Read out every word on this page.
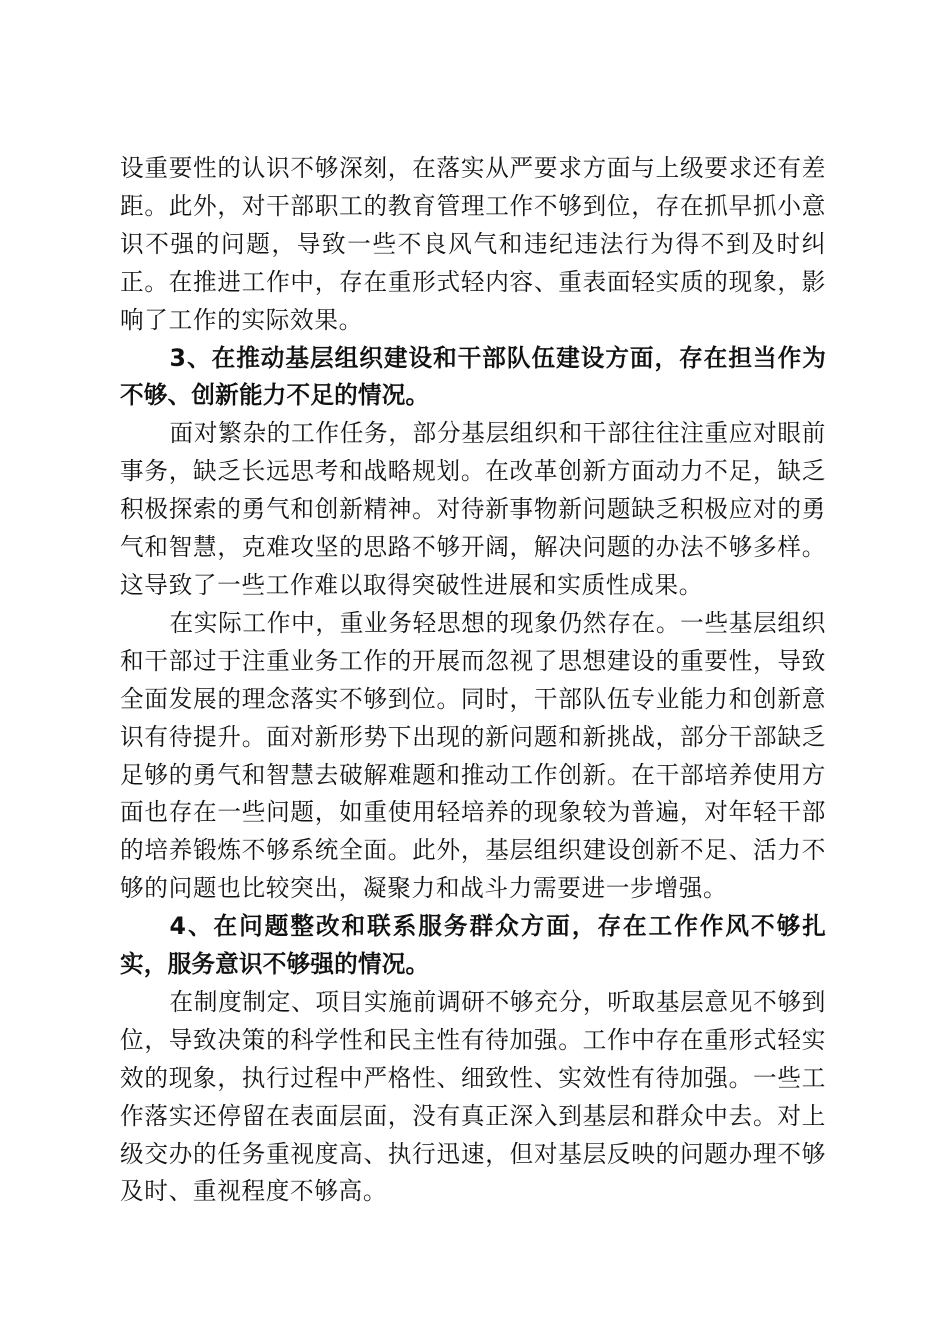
设重要性的认识不够深刻，在落实从严要求方面与上级要求还有差距。此外，对干部职工的教育管理工作不够到位，存在抓早抓小意识不强的问题，导致一些不良风气和违纪违法行为得不到及时纠正。在推进工作中，存在重形式轻内容、重表面轻实质的现象，影响了工作的实际效果。

3、在推动基层组织建设和干部队伍建设方面，存在担当作为不够、创新能力不足的情况。

面对繁杂的工作任务，部分基层组织和干部往往注重应对眼前事务，缺乏长远思考和战略规划。在改革创新方面动力不足，缺乏积极探索的勇气和创新精神。对待新事物新问题缺乏积极应对的勇气和智慧，克难攻坚的思路不够开阔，解决问题的办法不够多样。这导致了一些工作难以取得突破性进展和实质性成果。

在实际工作中，重业务轻思想的现象仍然存在。一些基层组织和干部过于注重业务工作的开展而忽视了思想建设的重要性，导致全面发展的理念落实不够到位。同时，干部队伍专业能力和创新意识有待提升。面对新形势下出现的新问题和新挑战，部分干部缺乏足够的勇气和智慧去破解难题和推动工作创新。在干部培养使用方面也存在一些问题，如重使用轻培养的现象较为普遍，对年轻干部的培养锻炼不够系统全面。此外，基层组织建设创新不足、活力不够的问题也比较突出，凝聚力和战斗力需要进一步增强。

4、在问题整改和联系服务群众方面，存在工作作风不够扎实，服务意识不够强的情况。

在制度制定、项目实施前调研不够充分，听取基层意见不够到位，导致决策的科学性和民主性有待加强。工作中存在重形式轻实效的现象，执行过程中严格性、细致性、实效性有待加强。一些工作落实还停留在表面层面，没有真正深入到基层和群众中去。对上级交办的任务重视度高、执行迅速，但对基层反映的问题办理不够及时、重视程度不够高。
